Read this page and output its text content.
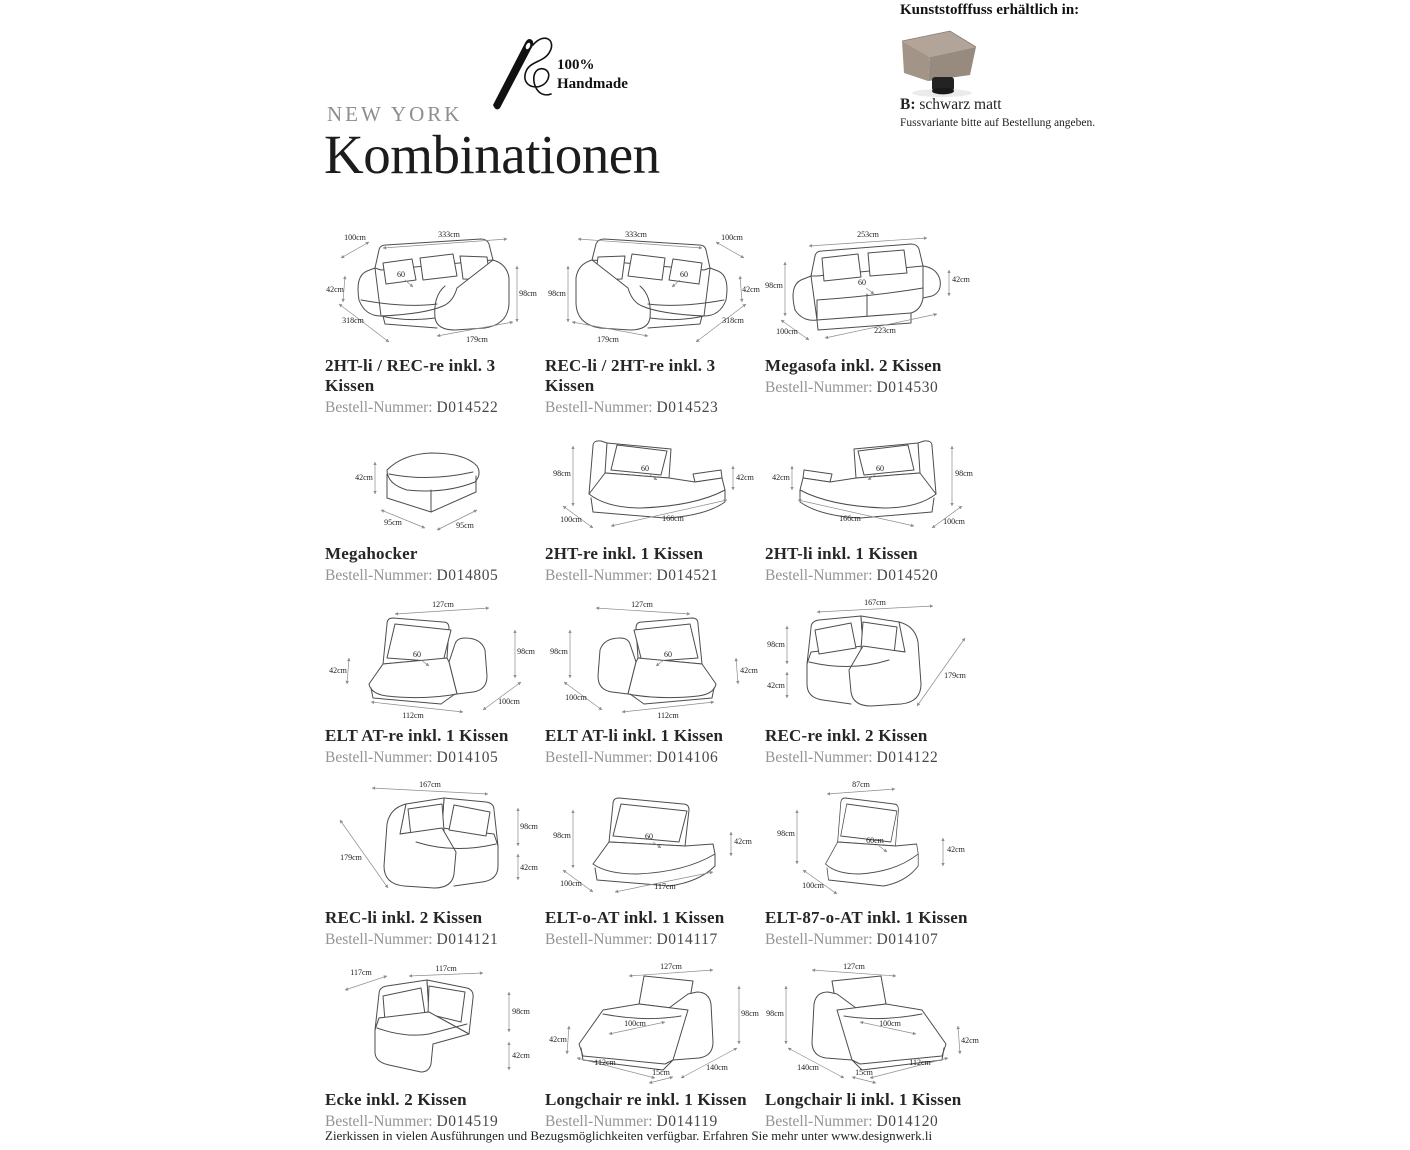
100%
Handmade
NEW YORK
Kombinationen
Kunststofffuss erhältlich in:
B: schwarz matt
Fussvariante bitte auf Bestellung angeben.
100cm	333cm
42cm
60
318cm
98cm
179cm
2HT-li / REC-re inkl. 3 Kissen
Bestell-Nummer: D014522
333cm	100cm
98cm
60
42cm
318cm
179cm
REC-li / 2HT-re inkl. 3 Kissen
Bestell-Nummer: D014523
253cm
98cm	60	42cm
100cm	223cm
Megasofa inkl. 2 Kissen
Bestell-Nummer: D014530
42cm
95cm	95cm
Megahocker
Bestell-Nummer: D014805
98cm
60
42cm
100cm	166cm
2HT-re inkl. 1 Kissen
Bestell-Nummer: D014521
42cm
60
98cm
166cm	100cm
2HT-li inkl. 1 Kissen
Bestell-Nummer: D014520
127cm
42cm
60	98cm
112cm
100cm
ELT AT-re inkl. 1 Kissen
Bestell-Nummer: D014105
127cm
98cm	60
42cm
100cm
112cm
ELT AT-li inkl. 1 Kissen
Bestell-Nummer: D014106
167cm
98cm
42cm
179cm
REC-re inkl. 2 Kissen
Bestell-Nummer: D014122
167cm
98cm
42cm
179cm
REC-li inkl. 2 Kissen
Bestell-Nummer: D014121
98cm	60
42cm
100cm	117cm
ELT-o-AT inkl. 1 Kissen
Bestell-Nummer: D014117
87cm
98cm
60cm
42cm
100cm
ELT-87-o-AT inkl. 1 Kissen
Bestell-Nummer: D014107
117cm	117cm
98cm
42cm
Ecke inkl. 2 Kissen
Bestell-Nummer: D014519
127cm
42cm
100cm
98cm
112cm
15cm
140cm
Longchair re inkl. 1 Kissen
Bestell-Nummer: D014119
127cm
98cm
100cm
42cm
140cm
15cm
112cm
Longchair li inkl. 1 Kissen
Bestell-Nummer: D014120
Zierkissen in vielen Ausführungen und Bezugsmöglichkeiten verfügbar. Erfahren Sie mehr unter www.designwerk.li
